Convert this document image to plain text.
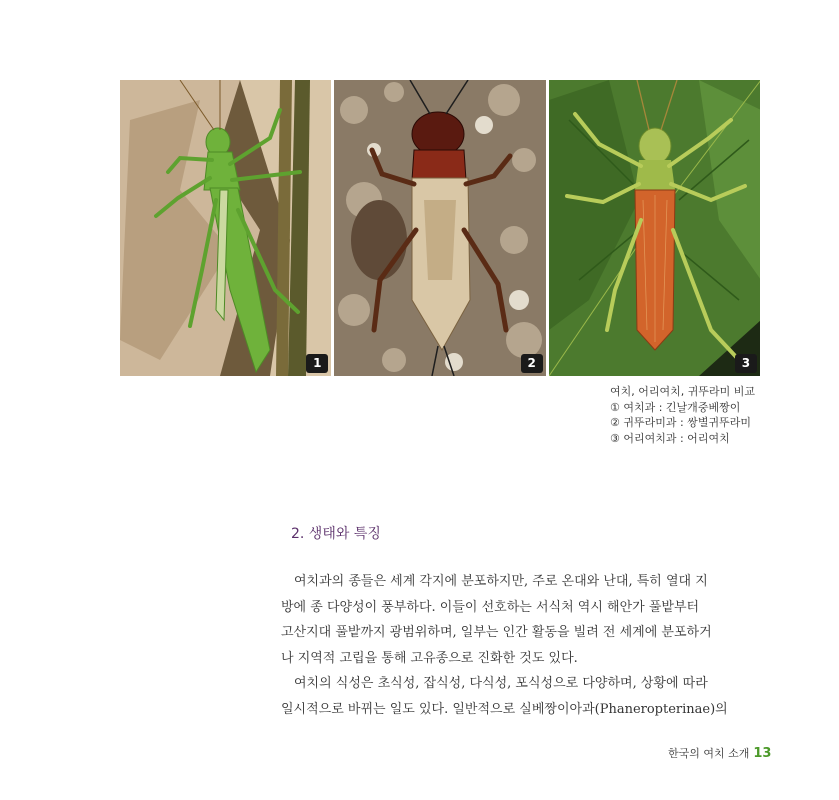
1	2	3
여치, 어리여치, 귀뚜라미 비교
① 여치과 : 긴날개중베짱이
② 귀뚜라미과 : 쌍별귀뚜라미
③ 어리여치과 : 어리여치
2. 생태와 특징
여치과의 종들은 세계 각지에 분포하지만, 주로 온대와 난대, 특히 열대 지
방에 종 다양성이 풍부하다. 이들이 선호하는 서식처 역시 해안가 풀밭부터
고산지대 풀밭까지 광범위하며, 일부는 인간 활동을 빌려 전 세계에 분포하거
나 지역적 고립을 통해 고유종으로 진화한 것도 있다.
여치의 식성은 초식성, 잡식성, 다식성, 포식성으로 다양하며, 상황에 따라
일시적으로 바뀌는 일도 있다. 일반적으로 실베짱이아과(Phaneropterinae)의
한국의 여치 소개 13
